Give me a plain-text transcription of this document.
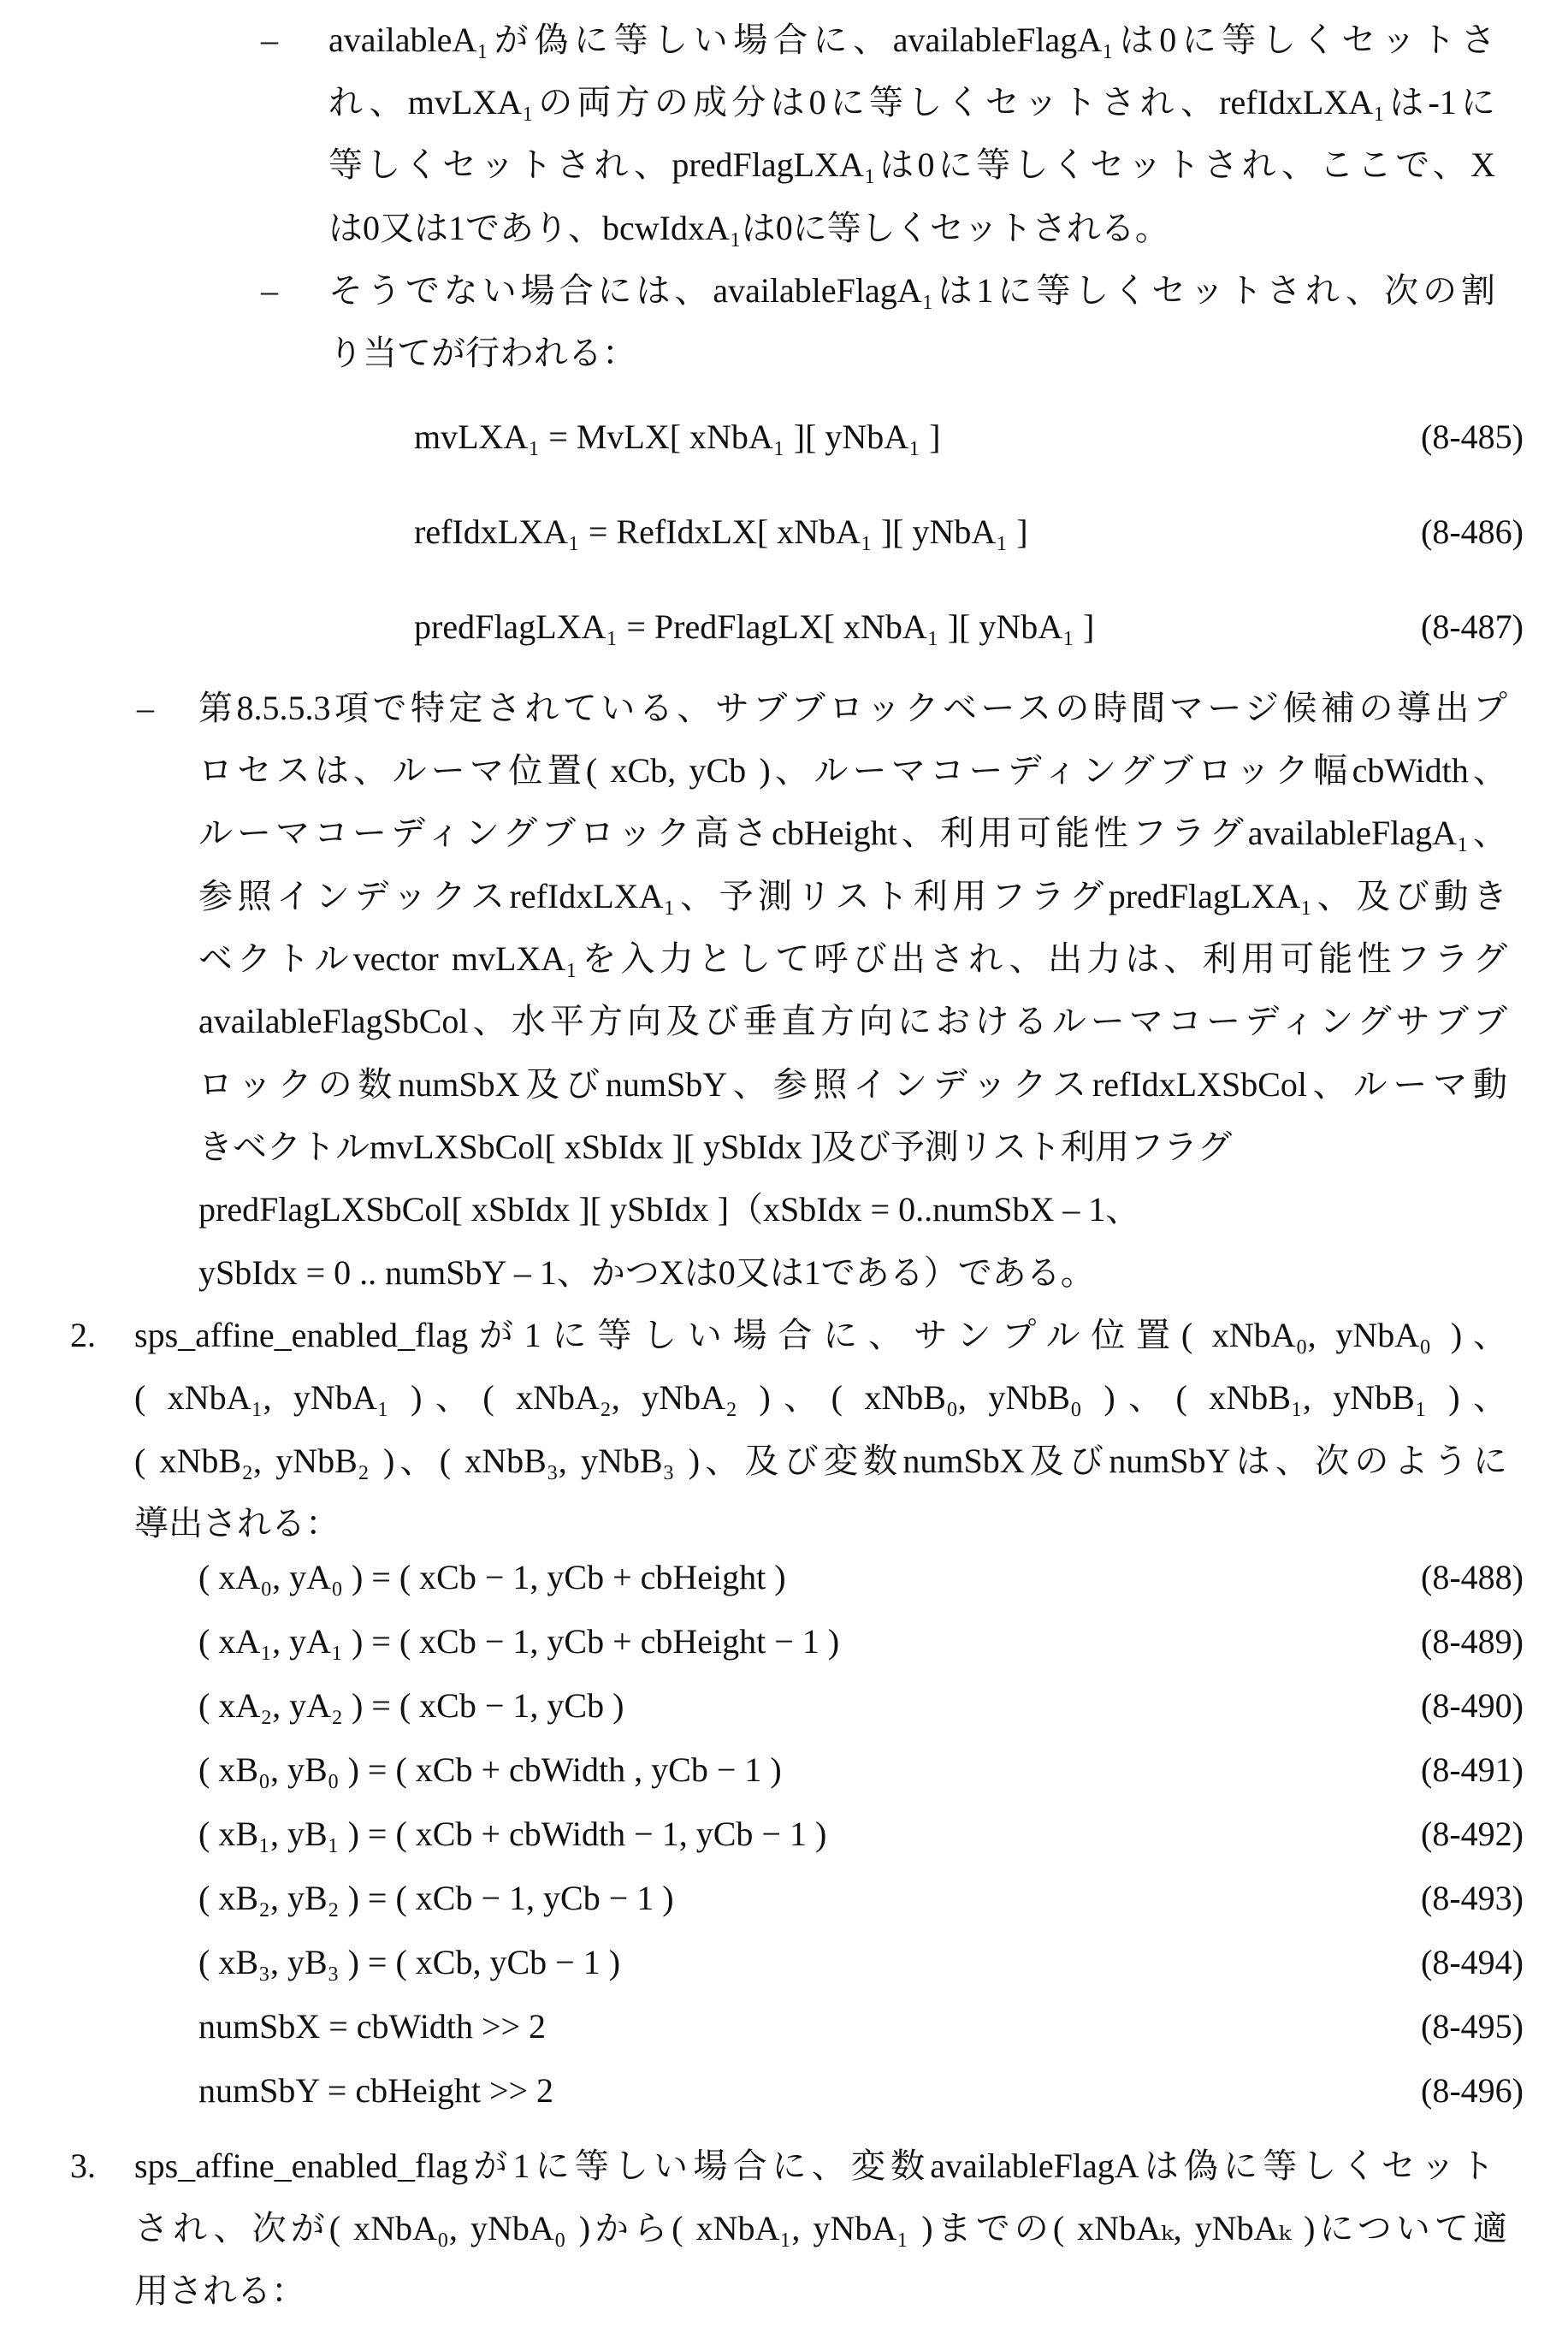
– availableA₁が偽に等しい場合に、availableFlagA₁は0に等しくセットさ
れ、mvLXA₁の両方の成分は0に等しくセットされ、refIdxLXA₁は-1に
等しくセットされ、predFlagLXA₁は0に等しくセットされ、ここで、X
は0又は1であり、bcwIdxA₁は0に等しくセットされる。
– そうでない場合には、availableFlagA₁は1に等しくセットされ、次の割
り当てが行われる：
mvLXA₁ = MvLX[ xNbA₁ ][ yNbA₁ ]	(8-485)
refIdxLXA₁ = RefIdxLX[ xNbA₁ ][ yNbA₁ ]	(8-486)
predFlagLXA₁ = PredFlagLX[ xNbA₁ ][ yNbA₁ ]	(8-487)
– 第8.5.5.3項で特定されている、サブブロックベースの時間マージ候補の導出プ
ロセスは、ルーマ位置( xCb, yCb )、ルーマコーディングブロック幅cbWidth、
ルーマコーディングブロック高さcbHeight、利用可能性フラグavailableFlagA₁、
参照インデックスrefIdxLXA₁、予測リスト利用フラグpredFlagLXA₁、及び動き
ベクトルvector mvLXA₁を入力として呼び出され、出力は、利用可能性フラグ
availableFlagSbCol、水平方向及び垂直方向におけるルーマコーディングサブブ
ロックの数numSbX及びnumSbY、参照インデックスrefIdxLXSbCol、ルーマ動
きベクトルmvLXSbCol[ xSbIdx ][ ySbIdx ]及び予測リスト利用フラグ
predFlagLXSbCol[ xSbIdx ][ ySbIdx ]（xSbIdx = 0..numSbX – 1、
ySbIdx = 0 .. numSbY – 1、かつXは0又は1である）である。
2. sps_affine_enabled_flagが1に等しい場合に、サンプル位置( xNbA₀, yNbA₀ )、
( xNbA₁, yNbA₁ )、( xNbA₂, yNbA₂ )、( xNbB₀, yNbB₀ )、( xNbB₁, yNbB₁ )、
( xNbB₂, yNbB₂ )、( xNbB₃, yNbB₃ )、及び変数numSbX及びnumSbYは、次のように
導出される：
( xA₀, yA₀ ) = ( xCb − 1, yCb + cbHeight )	(8-488)
( xA₁, yA₁ ) = ( xCb − 1, yCb + cbHeight − 1 )	(8-489)
( xA₂, yA₂ ) = ( xCb − 1, yCb )	(8-490)
( xB₀, yB₀ ) = ( xCb + cbWidth , yCb − 1 )	(8-491)
( xB₁, yB₁ ) = ( xCb + cbWidth − 1, yCb − 1 )	(8-492)
( xB₂, yB₂ ) = ( xCb − 1, yCb − 1 )	(8-493)
( xB₃, yB₃ ) = ( xCb, yCb − 1 )	(8-494)
numSbX = cbWidth >> 2	(8-495)
numSbY = cbHeight >> 2	(8-496)
3. sps_affine_enabled_flagが1に等しい場合に、変数availableFlagAは偽に等しくセット
され、次が( xNbA₀, yNbA₀ )から( xNbA₁, yNbA₁ )までの( xNbAₖ, yNbAₖ )について適
用される：
